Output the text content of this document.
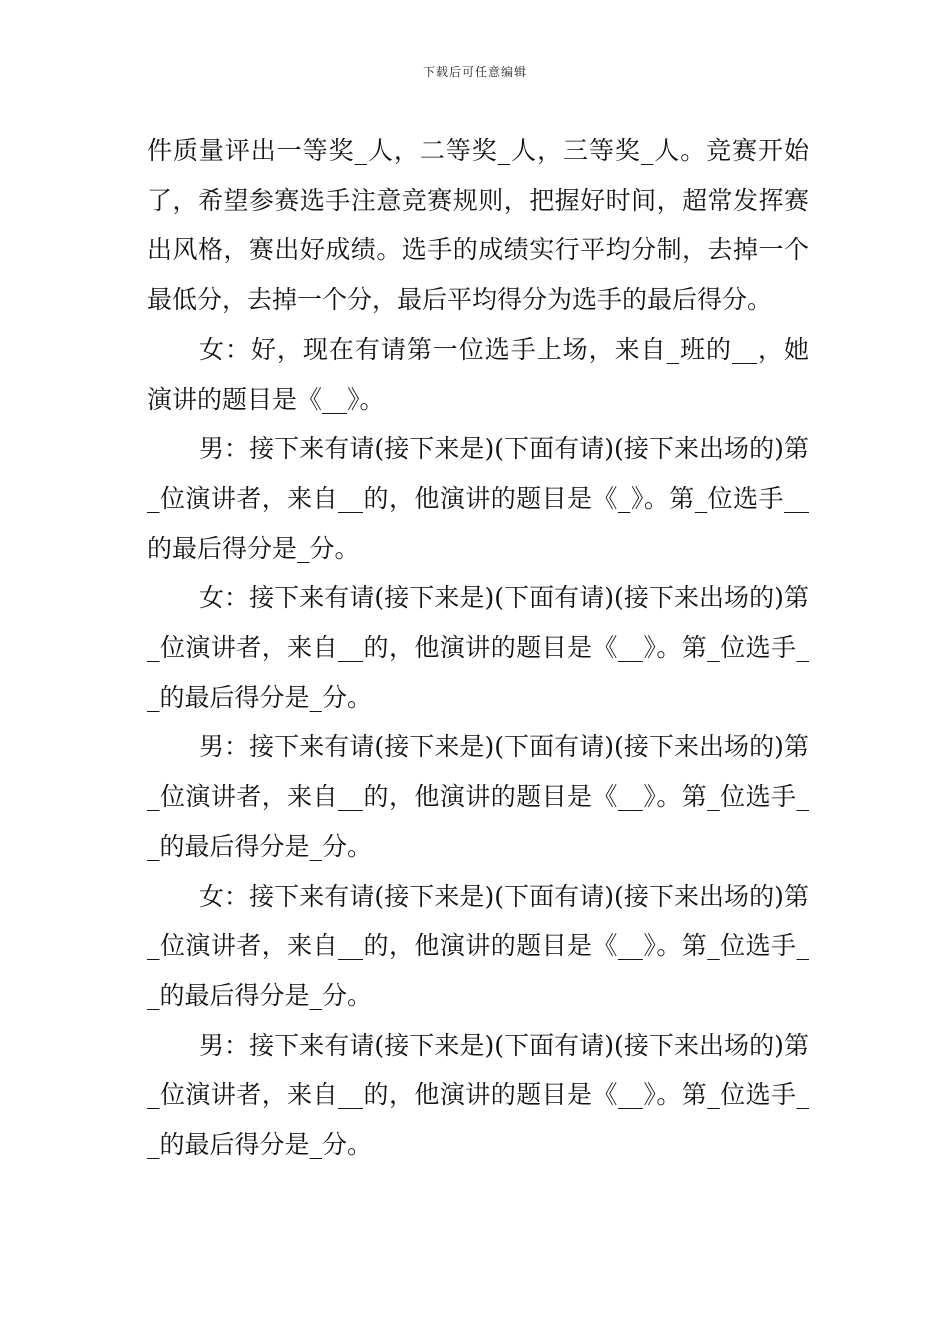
下载后可任意编辑

件质量评出一等奖_人，二等奖_人，三等奖_人。竞赛开始了，希望参赛选手注意竞赛规则，把握好时间，超常发挥赛出风格，赛出好成绩。选手的成绩实行平均分制，去掉一个最低分，去掉一个分，最后平均得分为选手的最后得分。

女：好，现在有请第一位选手上场，来自_班的__，她演讲的题目是《__》。

男：接下来有请(接下来是)(下面有请)(接下来出场的)第_位演讲者，来自__的，他演讲的题目是《_》。第_位选手__的最后得分是_分。

女：接下来有请(接下来是)(下面有请)(接下来出场的)第_位演讲者，来自__的，他演讲的题目是《__》。第_位选手__的最后得分是_分。

男：接下来有请(接下来是)(下面有请)(接下来出场的)第_位演讲者，来自__的，他演讲的题目是《__》。第_位选手__的最后得分是_分。

女：接下来有请(接下来是)(下面有请)(接下来出场的)第_位演讲者，来自__的，他演讲的题目是《__》。第_位选手__的最后得分是_分。

男：接下来有请(接下来是)(下面有请)(接下来出场的)第_位演讲者，来自__的，他演讲的题目是《__》。第_位选手__的最后得分是_分。
